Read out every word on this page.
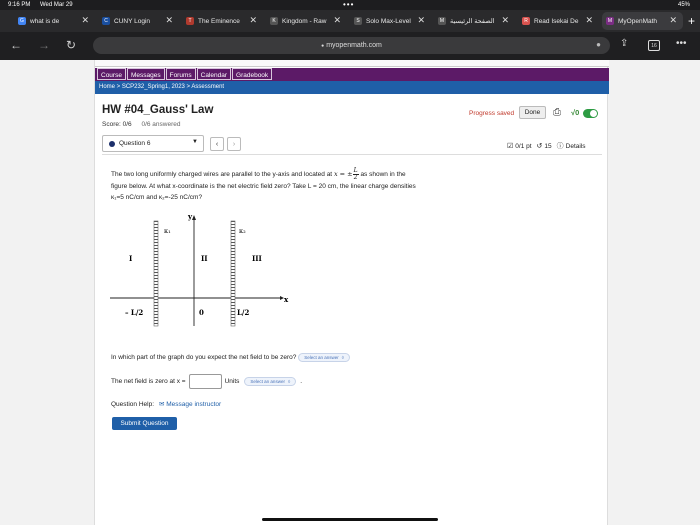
9:16 PM Wed Mar 29	•••	45%
G what is de	✕	C CUNY Login	✕	T The Eminence	✕	K Kingdom - Raw ✕	S Solo Max-Level ✕	M الصفحة الرئيسية ✕	R Read Isekai De ✕	M MyOpenMath	✕ +
← → ↻	● myopenmath.com	● ⇪	16	•••
Course	Messages	Forums	Calendar	Gradebook
Home > SCP232_Spring1, 2023 > Assessment
HW #04_Gauss' Law
Score: 0/6 0/6 answered
Progress saved	Done	⎙ √0
Question 6	▼	‹ ›	☑ 0/1 pt ↺ 15 ⓘ Details
The two long uniformly charged wires are parallel to the y-axis and located at x = ± $\frac{L}{2}$ as shown in the
figure below. At what x-coordinate is the net electric field zero? Take L = 20 cm, the linear charge densities
κ₁=5 nC/cm and κ₂=-25 nC/cm?
y
x
κ₁	κ₂
I	II	III
– L/2	0	L/2
In which part of the graph do you expect the net field to be zero? Select an answer ◊
The net field is zero at x =	Units	Select an answer ◊	.
Question Help: ✉ Message instructor
Submit Question
